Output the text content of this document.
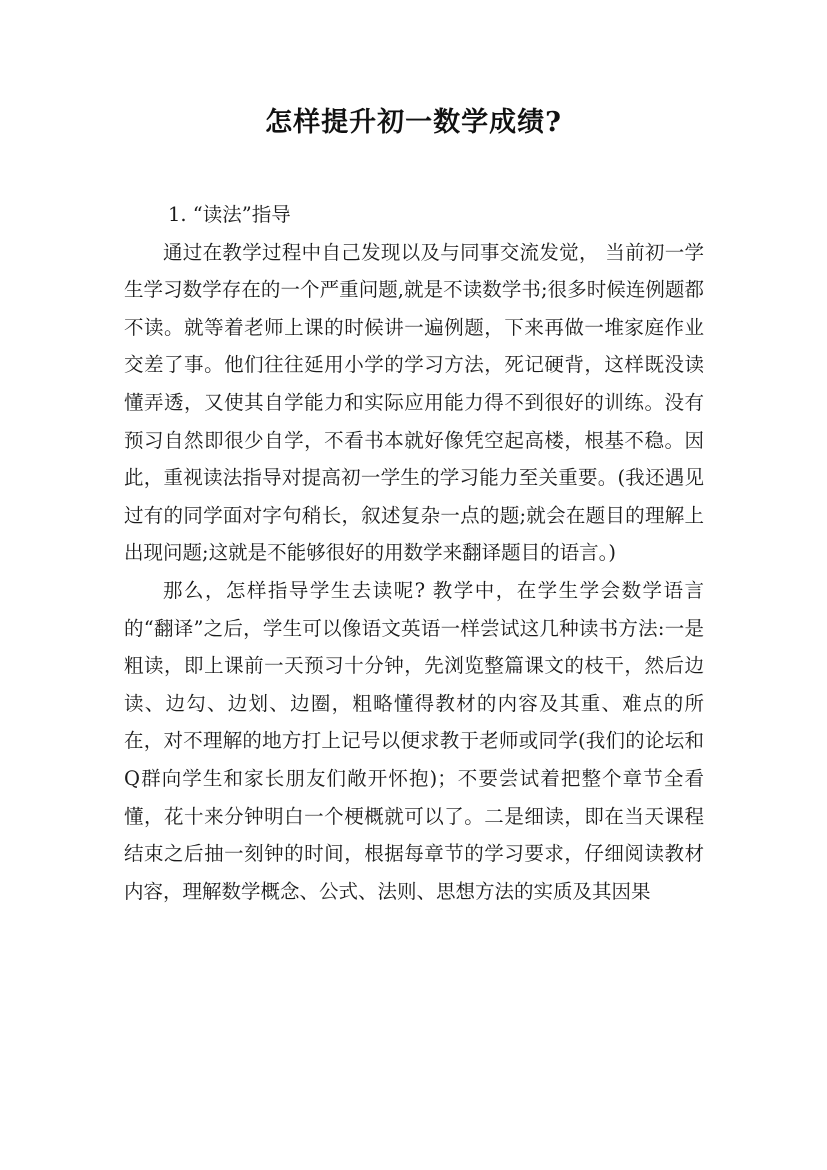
怎样提升初一数学成绩?

1. “读法”指导

通过在教学过程中自己发现以及与同事交流发觉， 当前初一学生学习数学存在的一个严重问题,就是不读数学书;很多时候连例题都不读。就等着老师上课的时候讲一遍例题，下来再做一堆家庭作业交差了事。他们往往延用小学的学习方法，死记硬背，这样既没读懂弄透，又使其自学能力和实际应用能力得不到很好的训练。没有预习自然即很少自学，不看书本就好像凭空起高楼，根基不稳。因此，重视读法指导对提高初一学生的学习能力至关重要。(我还遇见过有的同学面对字句稍长，叙述复杂一点的题;就会在题目的理解上出现问题;这就是不能够很好的用数学来翻译题目的语言。)

那么，怎样指导学生去读呢? 教学中，在学生学会数学语言的“翻译”之后，学生可以像语文英语一样尝试这几种读书方法:一是粗读，即上课前一天预习十分钟，先浏览整篇课文的枝干，然后边读、边勾、边划、边圈，粗略懂得教材的内容及其重、难点的所在，对不理解的地方打上记号以便求教于老师或同学(我们的论坛和Q群向学生和家长朋友们敞开怀抱)；不要尝试着把整个章节全看懂，花十来分钟明白一个梗概就可以了。二是细读，即在当天课程结束之后抽一刻钟的时间，根据每章节的学习要求，仔细阅读教材内容，理解数学概念、公式、法则、思想方法的实质及其因果
